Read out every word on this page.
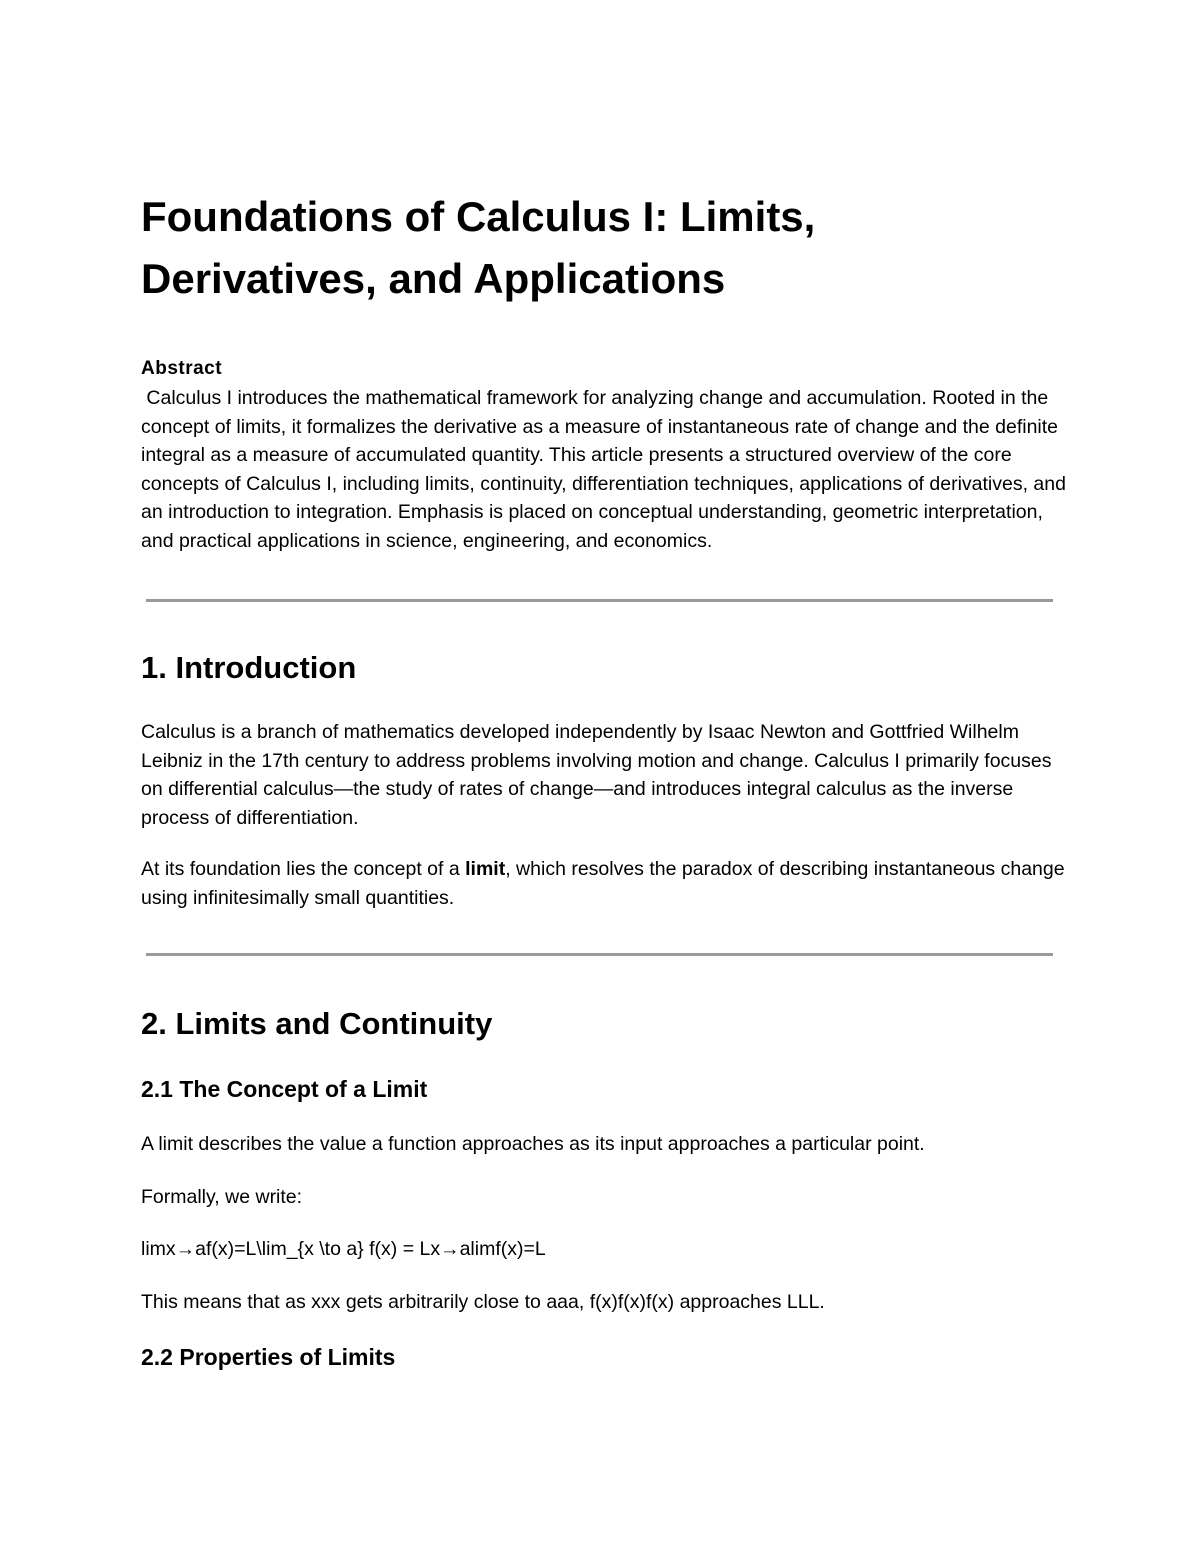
Foundations of Calculus I: Limits,
Derivatives, and Applications
Abstract

Calculus I introduces the mathematical framework for analyzing change and accumulation. Rooted in the concept of limits, it formalizes the derivative as a measure of instantaneous rate of change and the definite integral as a measure of accumulated quantity. This article presents a structured overview of the core concepts of Calculus I, including limits, continuity, differentiation techniques, applications of derivatives, and an introduction to integration. Emphasis is placed on conceptual understanding, geometric interpretation, and practical applications in science, engineering, and economics.

1. Introduction

Calculus is a branch of mathematics developed independently by Isaac Newton and Gottfried Wilhelm Leibniz in the 17th century to address problems involving motion and change. Calculus I primarily focuses on differential calculus—the study of rates of change—and introduces integral calculus as the inverse process of differentiation.

At its foundation lies the concept of a limit, which resolves the paradox of describing instantaneous change using infinitesimally small quantities.

2. Limits and Continuity
2.1 The Concept of a Limit

A limit describes the value a function approaches as its input approaches a particular point.

Formally, we write:

limx→af(x)=L\lim_{x \to a} f(x) = Lx→alimf(x)=L

This means that as xxx gets arbitrarily close to aaa, f(x)f(x)f(x) approaches LLL.

2.2 Properties of Limits
